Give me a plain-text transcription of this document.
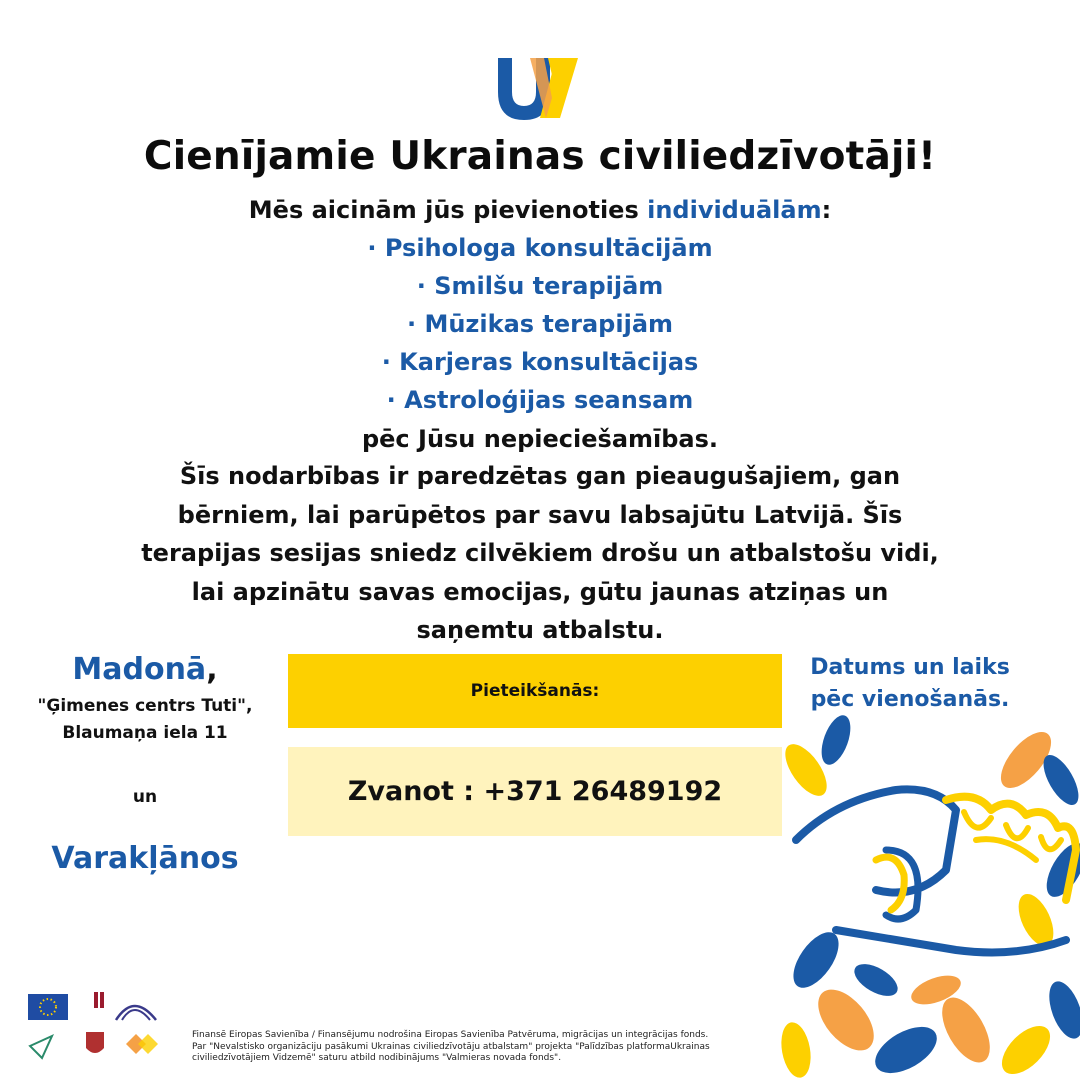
Cienījamie Ukrainas civiliedzīvotāji!
Mēs aicinām jūs pievienoties individuālām:
· Psihologa konsultācijām
· Smilšu terapijām
· Mūzikas terapijām
· Karjeras konsultācijas
· Astroloģijas seansam
pēc Jūsu nepieciešamības.
Šīs nodarbības ir paredzētas gan pieaugušajiem, gan bērniem, lai parūpētos par savu labsajūtu Latvijā. Šīs terapijas sesijas sniedz cilvēkiem drošu un atbalstošu vidi, lai apzinātu savas emocijas, gūtu jaunas atziņas un saņemtu atbalstu.
Madonā,
"Ģimenes centrs Tuti",
Blaumaņa iela 11
un
Varakļānos
Pieteikšanās:
Zvanot : +371 26489192
Datums un laiks
pēc vienošanās.
Finansē Eiropas Savienība / Finansējumu nodrošina Eiropas Savienība Patvēruma, migrācijas un integrācijas fonds. Par "Nevalstisko organizāciju pasākumi Ukrainas civiliedzīvotāju atbalstam" projekta "Palīdzības platformaUkrainas civiliedzīvotājiem Vidzemē" saturu atbild nodibinājums "Valmieras novada fonds".
